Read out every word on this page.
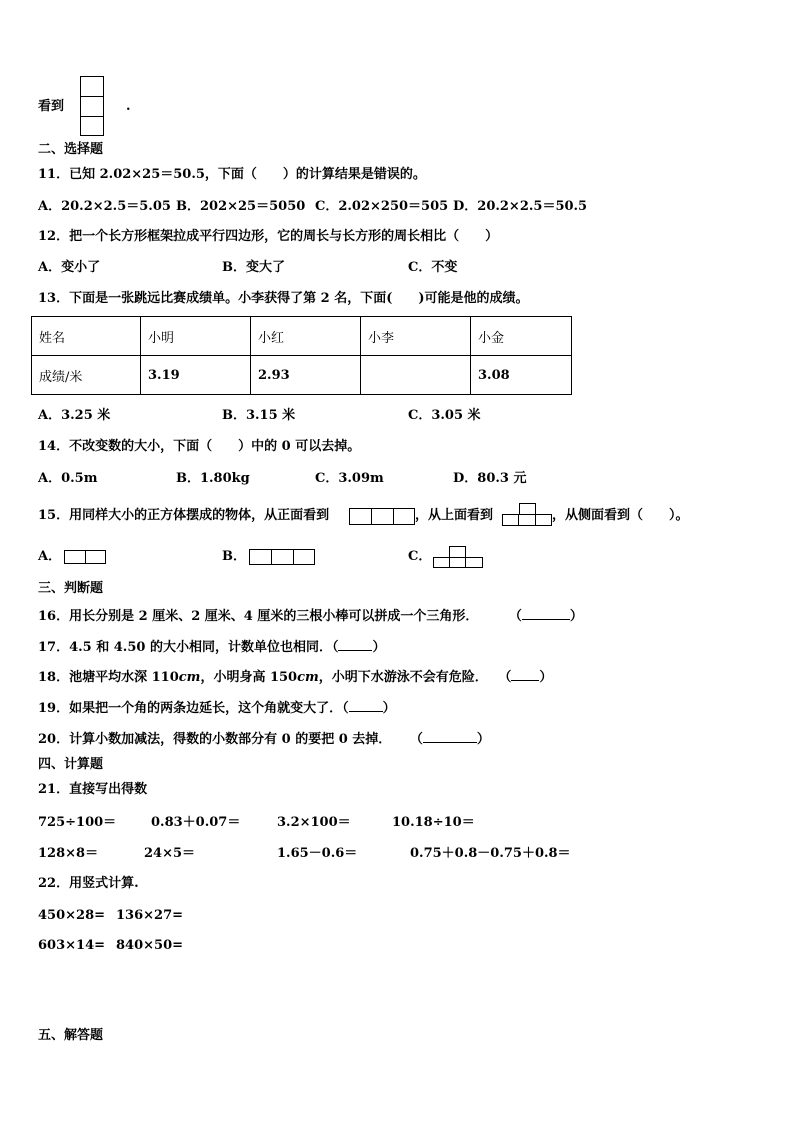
看到	.
二、选择题
11．已知 2.02×25＝50.5，下面（　　）的计算结果是错误的。
A．20.2×2.5＝5.05 B．202×25＝5050 C．2.02×250＝505 D．20.2×2.5＝50.5
12．把一个长方形框架拉成平行四边形，它的周长与长方形的周长相比（　　）
A．变小了	B．变大了	C．不变
13．下面是一张跳远比赛成绩单。小李获得了第 2 名，下面(　　)可能是他的成绩。
姓名	小明	小红	小李	小金
成绩/米	3.19	2.93		3.08
A．3.25 米	B．3.15 米	C．3.05 米
14．不改变数的大小，下面（　　）中的 0 可以去掉。
A．0.5m	B．1.80kg	C．3.09m	D．80.3 元
15．用同样大小的正方体摆成的物体，从正面看到	，从上面看到	，从侧面看到（　　）。
A．	B．	C．
三、判断题
16．用长分别是 2 厘米、2 厘米、4 厘米的三根小棒可以拼成一个三角形． （	）
17．4.5 和 4.50 的大小相同，计数单位也相同．（	）
18．池塘平均水深 110cm，小明身高 150cm，小明下水游泳不会有危险． （ ）
19．如果把一个角的两条边延长，这个角就变大了．（	）
20．计算小数加减法，得数的小数部分有 0 的要把 0 去掉． （	）
四、计算题
21．直接写出得数
725÷100＝	0.83＋0.07＝	3.2×100＝	10.18÷10＝
128×8＝	24×5＝	1.65－0.6＝	0.75＋0.8－0.75＋0.8＝
22．用竖式计算.
450×28= 136×27=
603×14= 840×50=
五、解答题
